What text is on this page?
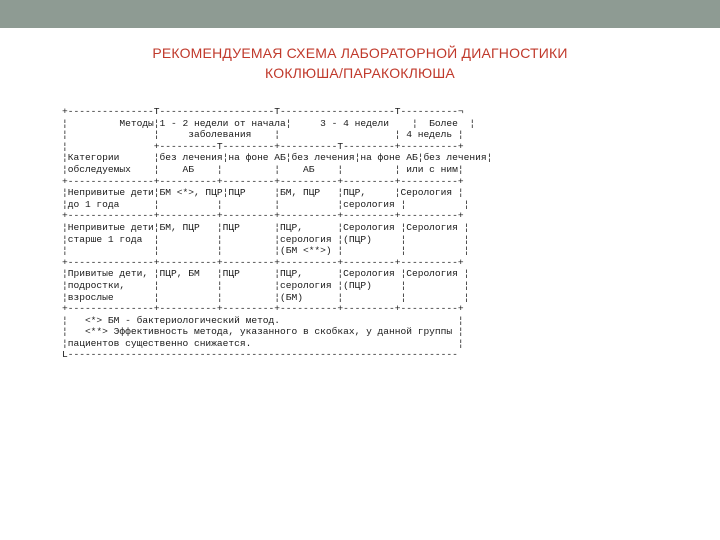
РЕКОМЕНДУЕМАЯ СХЕМА ЛАБОРАТОРНОЙ ДИАГНОСТИКИ
КОКЛЮША/ПАРАКОКЛЮША
+---------------T--------------------T--------------------T----------¬
¦         Методы¦1 - 2 недели от начала¦     3 - 4 недели    ¦  Более  ¦
¦               ¦     заболевания    ¦                    ¦ 4 недель ¦
¦               +----------T---------+----------T---------+----------+
¦Категории      ¦без лечения¦на фоне АБ¦без лечения¦на фоне АБ¦без лечения¦
¦обследуемых    ¦    АБ    ¦         ¦    АБ    ¦         ¦ или с ним¦
+---------------+----------+---------+----------+---------+----------+
¦Непривитые дети¦БМ <*>, ПЦР¦ПЦР     ¦БМ, ПЦР   ¦ПЦР,     ¦Серология ¦
¦до 1 года      ¦          ¦         ¦          ¦серология ¦          ¦
+---------------+----------+---------+----------+---------+----------+
¦Непривитые дети¦БМ, ПЦР   ¦ПЦР      ¦ПЦР,      ¦Серология ¦Серология ¦
¦старше 1 года  ¦          ¦         ¦серология ¦(ПЦР)     ¦          ¦
¦               ¦          ¦         ¦(БМ <**>) ¦          ¦          ¦
+---------------+----------+---------+----------+---------+----------+
¦Привитые дети, ¦ПЦР, БМ   ¦ПЦР      ¦ПЦР,      ¦Серология ¦Серология ¦
¦подростки,     ¦          ¦         ¦серология ¦(ПЦР)     ¦          ¦
¦взрослые       ¦          ¦         ¦(БМ)      ¦          ¦          ¦
+---------------+----------+---------+----------+---------+----------+
¦   <*> БМ - бактериологический метод.                               ¦
¦   <**> Эффективность метода, указанного в скобках, у данной группы ¦
¦пациентов существенно снижается.                                    ¦
L--------------------------------------------------------------------
